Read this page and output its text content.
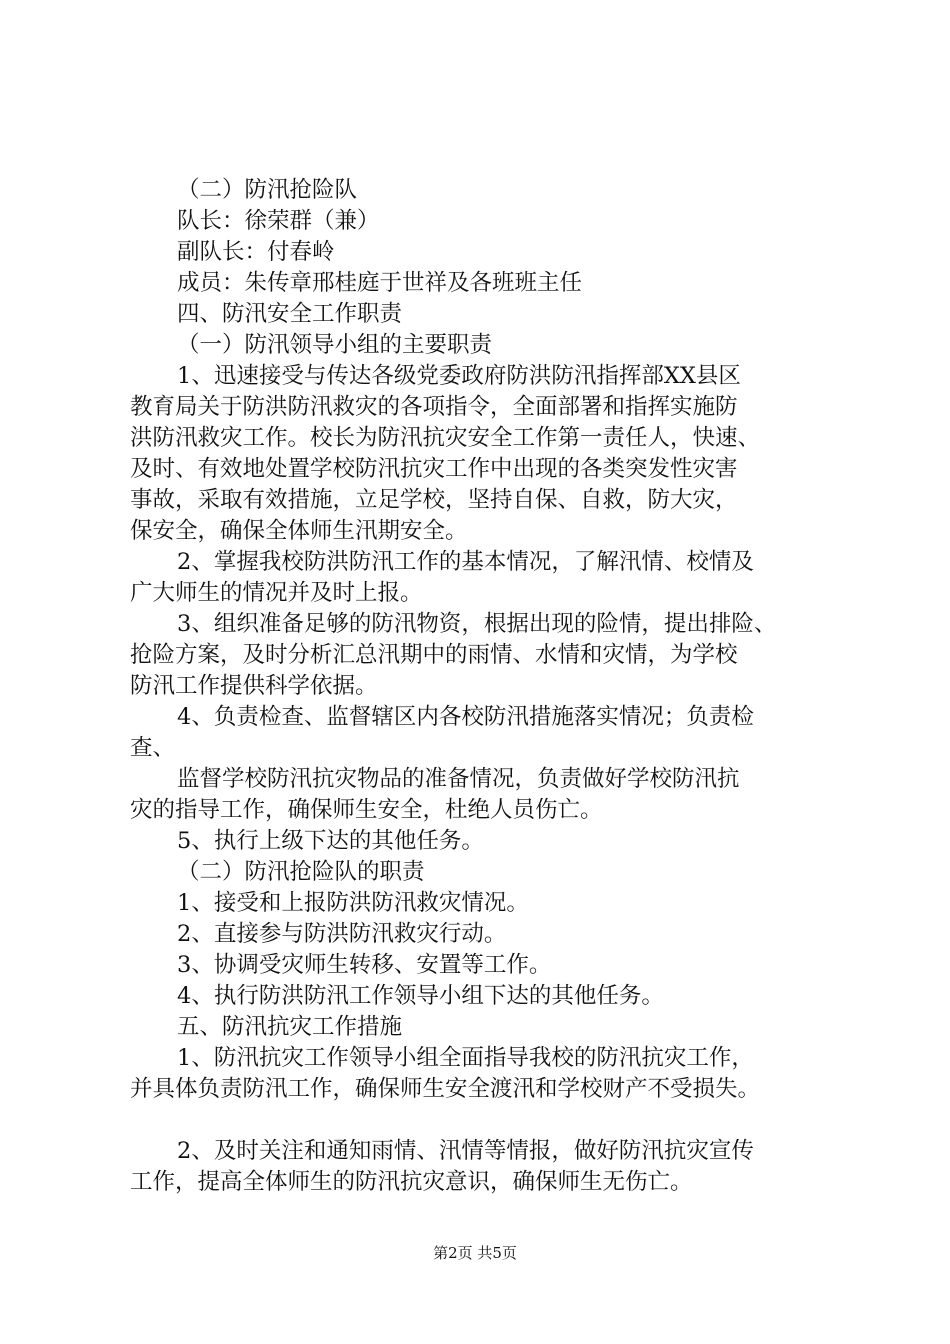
（二）防汛抢险队

队长：徐荣群（兼）

副队长：付春岭

成员：朱传章邢桂庭于世祥及各班班主任

四、防汛安全工作职责

（一）防汛领导小组的主要职责

1、迅速接受与传达各级党委政府防洪防汛指挥部XX县区

教育局关于防洪防汛救灾的各项指令，全面部署和指挥实施防

洪防汛救灾工作。校长为防汛抗灾安全工作第一责任人，快速、

及时、有效地处置学校防汛抗灾工作中出现的各类突发性灾害

事故，采取有效措施，立足学校，坚持自保、自救，防大灾，

保安全，确保全体师生汛期安全。

2、掌握我校防洪防汛工作的基本情况，了解汛情、校情及

广大师生的情况并及时上报。

3、组织准备足够的防汛物资，根据出现的险情，提出排险、

抢险方案，及时分析汇总汛期中的雨情、水情和灾情，为学校

防汛工作提供科学依据。

4、负责检查、监督辖区内各校防汛措施落实情况；负责检

查、

监督学校防汛抗灾物品的准备情况，负责做好学校防汛抗

灾的指导工作，确保师生安全，杜绝人员伤亡。

5、执行上级下达的其他任务。

（二）防汛抢险队的职责

1、接受和上报防洪防汛救灾情况。

2、直接参与防洪防汛救灾行动。

3、协调受灾师生转移、安置等工作。

4、执行防洪防汛工作领导小组下达的其他任务。

五、防汛抗灾工作措施

1、防汛抗灾工作领导小组全面指导我校的防汛抗灾工作，

并具体负责防汛工作，确保师生安全渡汛和学校财产不受损失。

2、及时关注和通知雨情、汛情等情报，做好防汛抗灾宣传

工作，提高全体师生的防汛抗灾意识，确保师生无伤亡。

第2页 共5页
